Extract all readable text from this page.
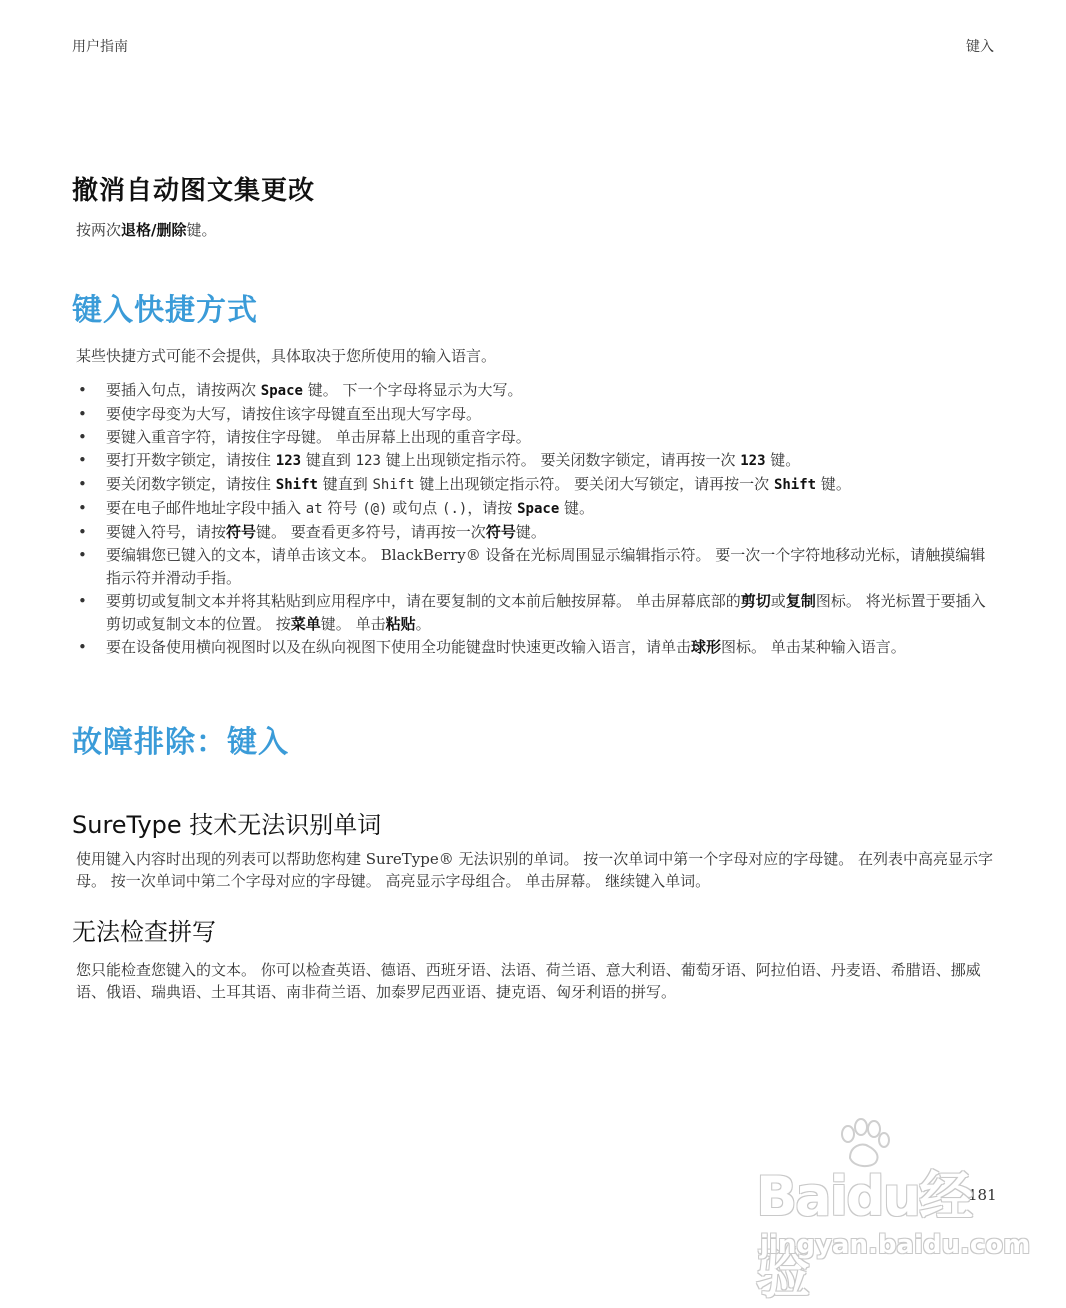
用户指南	键入
撤消自动图文集更改

按两次退格/删除键。

键入快捷方式

某些快捷方式可能不会提供，具体取决于您所使用的输入语言。

• 要插入句点，请按两次 Space 键。 下一个字母将显示为大写。
• 要使字母变为大写，请按住该字母键直至出现大写字母。
• 要键入重音字符，请按住字母键。 单击屏幕上出现的重音字母。
• 要打开数字锁定，请按住 123 键直到 123 键上出现锁定指示符。 要关闭数字锁定，请再按一次 123 键。
• 要关闭数字锁定，请按住 Shift 键直到 Shift 键上出现锁定指示符。 要关闭大写锁定，请再按一次 Shift 键。
• 要在电子邮件地址字段中插入 at 符号 (@) 或句点 (.)，请按 Space 键。
• 要键入符号，请按符号键。 要查看更多符号，请再按一次符号键。
• 要编辑您已键入的文本，请单击该文本。 BlackBerry® 设备在光标周围显示编辑指示符。 要一次一个字符地移动光标，请触摸编辑指示符并滑动手指。
• 要剪切或复制文本并将其粘贴到应用程序中，请在要复制的文本前后触按屏幕。 单击屏幕底部的剪切或复制图标。 将光标置于要插入剪切或复制文本的位置。 按菜单键。 单击粘贴。
• 要在设备使用横向视图时以及在纵向视图下使用全功能键盘时快速更改输入语言，请单击球形图标。 单击某种输入语言。
故障排除：键入
SureType 技术无法识别单词

使用键入内容时出现的列表可以帮助您构建 SureType® 无法识别的单词。 按一次单词中第一个字母对应的字母键。 在列表中高亮显示字母。 按一次单词中第二个字母对应的字母键。 高亮显示字母组合。 单击屏幕。 继续键入单词。

无法检查拼写

您只能检查您键入的文本。 你可以检查英语、德语、西班牙语、法语、荷兰语、意大利语、葡萄牙语、阿拉伯语、丹麦语、希腊语、挪威语、俄语、瑞典语、土耳其语、南非荷兰语、加泰罗尼西亚语、捷克语、匈牙利语的拼写。

181
Baidu经验
jingyan.baidu.com
